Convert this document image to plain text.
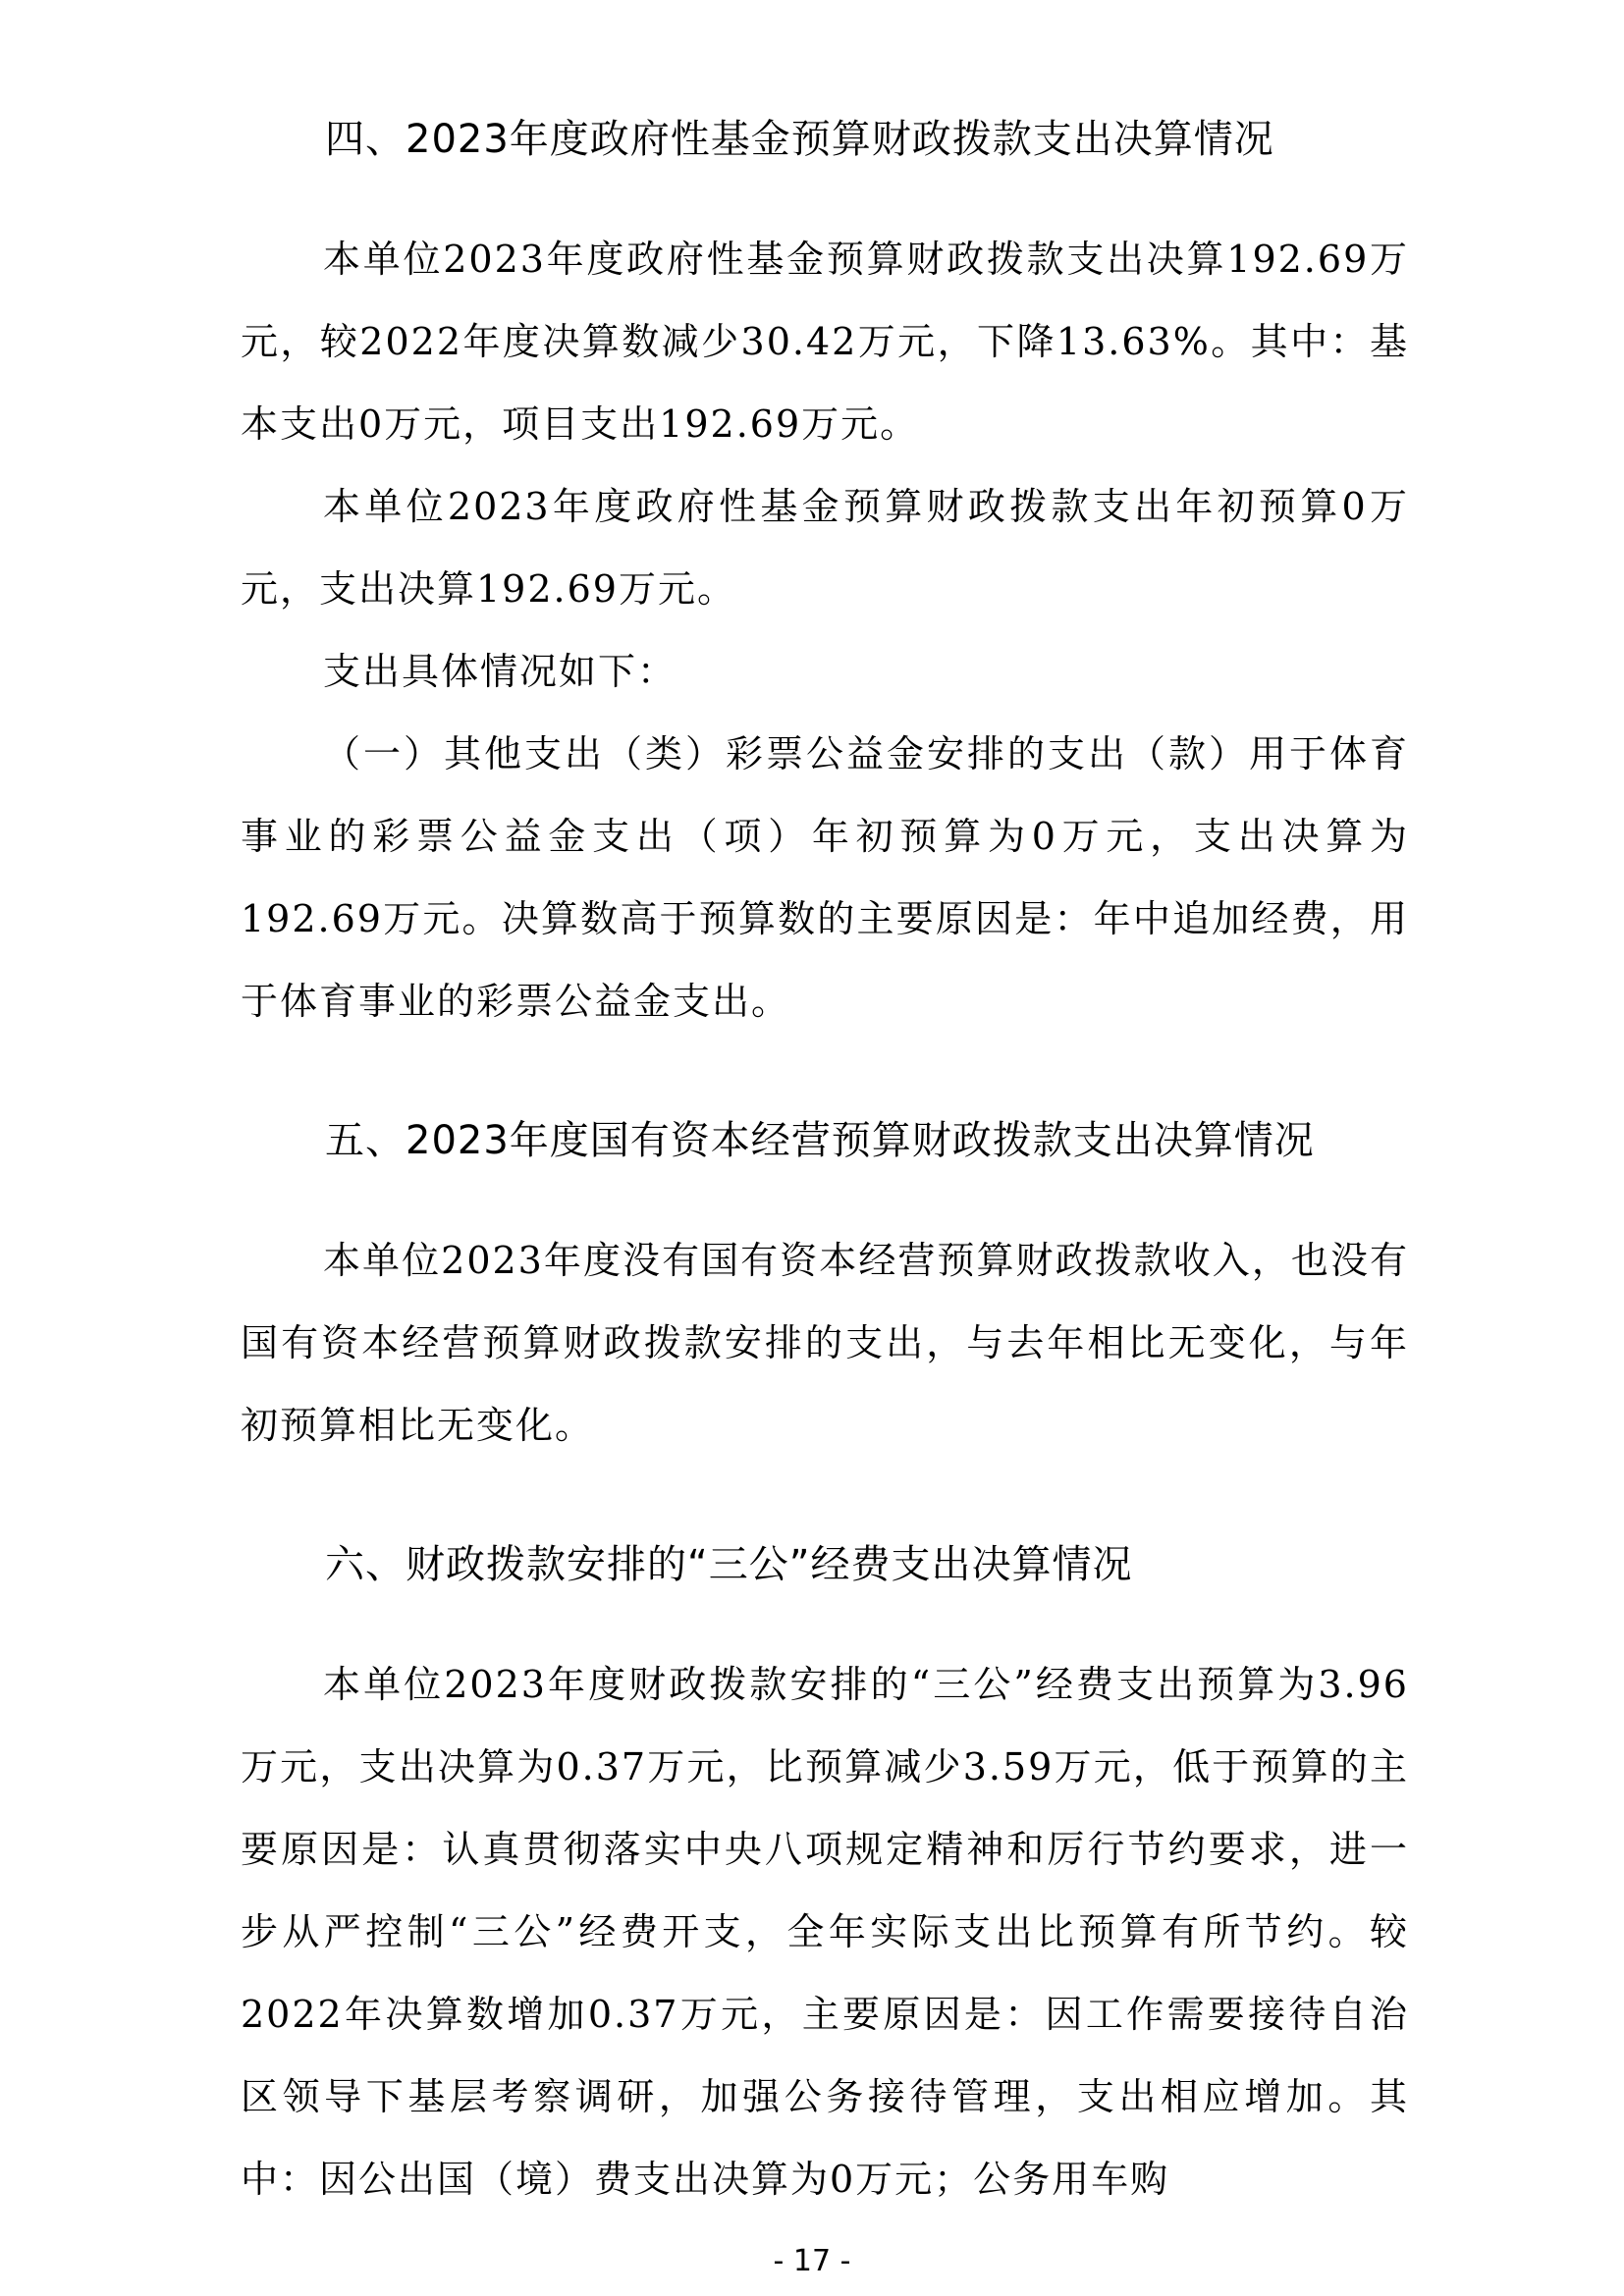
四、2023年度政府性基金预算财政拨款支出决算情况

本单位2023年度政府性基金预算财政拨款支出决算192.69万元，较2022年度决算数减少30.42万元，下降13.63%。其中：基本支出0万元，项目支出192.69万元。

本单位2023年度政府性基金预算财政拨款支出年初预算0万元，支出决算192.69万元。

支出具体情况如下：

（一）其他支出（类）彩票公益金安排的支出（款）用于体育事业的彩票公益金支出（项）年初预算为0万元，支出决算为192.69万元。决算数高于预算数的主要原因是：年中追加经费，用于体育事业的彩票公益金支出。

五、2023年度国有资本经营预算财政拨款支出决算情况

本单位2023年度没有国有资本经营预算财政拨款收入，也没有国有资本经营预算财政拨款安排的支出，与去年相比无变化，与年初预算相比无变化。

六、财政拨款安排的“三公”经费支出决算情况

本单位2023年度财政拨款安排的“三公”经费支出预算为3.96万元，支出决算为0.37万元，比预算减少3.59万元，低于预算的主要原因是：认真贯彻落实中央八项规定精神和厉行节约要求，进一步从严控制“三公”经费开支，全年实际支出比预算有所节约。较2022年决算数增加0.37万元，主要原因是：因工作需要接待自治区领导下基层考察调研，加强公务接待管理，支出相应增加。其中：因公出国（境）费支出决算为0万元；公务用车购

- 17 -
